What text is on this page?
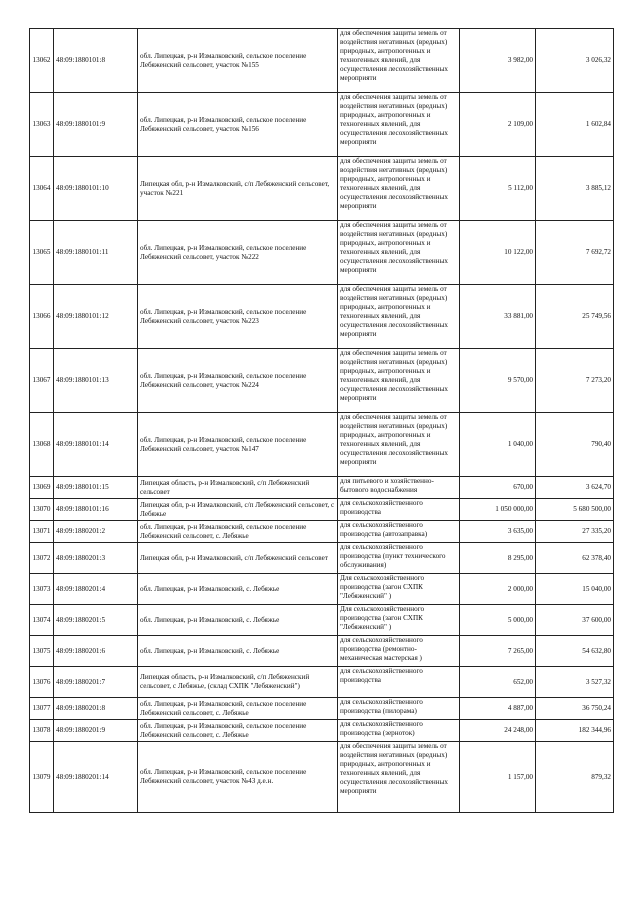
13062	48:09:1880101:8	обл. Липецкая, р-н Измалковский, сельское поселение Лебяженский сельсовет, участок №155	для обеспечения защиты земель от воздействия негативных (вредных) природных, антропогенных и техногенных явлений, для осуществления лесохозяйственных мероприяти	3 982,00	3 026,32
13063	48:09:1880101:9	обл. Липецкая, р-н Измалковский, сельское поселение Лебяженский сельсовет, участок №156	для обеспечения защиты земель от воздействия негативных (вредных) природных, антропогенных и техногенных явлений, для осуществления лесохозяйственных мероприяти	2 109,00	1 602,84
13064	48:09:1880101:10	Липецкая обл, р-н Измалковский, с/п Лебяженский сельсовет, участок №221	для обеспечения защиты земель от воздействия негативных (вредных) природных, антропогенных и техногенных явлений, для осуществления лесохозяйственных мероприяти	5 112,00	3 885,12
13065	48:09:1880101:11	обл. Липецкая, р-н Измалковский, сельское поселение Лебяженский сельсовет, участок №222	для обеспечения защиты земель от воздействия негативных (вредных) природных, антропогенных и техногенных явлений, для осуществления лесохозяйственных мероприяти	10 122,00	7 692,72
13066	48:09:1880101:12	обл. Липецкая, р-н Измалковский, сельское поселение Лебяженский сельсовет, участок №223	для обеспечения защиты земель от воздействия негативных (вредных) природных, антропогенных и техногенных явлений, для осуществления лесохозяйственных мероприяти	33 881,00	25 749,56
13067	48:09:1880101:13	обл. Липецкая, р-н Измалковский, сельское поселение Лебяженский сельсовет, участок №224	для обеспечения защиты земель от воздействия негативных (вредных) природных, антропогенных и техногенных явлений, для осуществления лесохозяйственных мероприяти	9 570,00	7 273,20
13068	48:09:1880101:14	обл. Липецкая, р-н Измалковский, сельское поселение Лебяженский сельсовет, участок №147	для обеспечения защиты земель от воздействия негативных (вредных) природных, антропогенных и техногенных явлений, для осуществления лесохозяйственных мероприяти	1 040,00	790,40
13069	48:09:1880101:15	Липецкая область, р-н Измалковский, с/п Лебяженский сельсовет	для питьевого и хозяйственно-бытового водоснабжения	670,00	3 624,70
13070	48:09:1880101:16	Липецкая обл, р-н Измалковский, с/п Лебяженский сельсовет, с Лебяжье	для сельскохозяйственного производства	1 050 000,00	5 680 500,00
13071	48:09:1880201:2	обл. Липецкая, р-н Измалковский, сельское поселение Лебяженский сельсовет, с. Лебяжье	для сельскохозяйственного производства (автозаправка)	3 635,00	27 335,20
13072	48:09:1880201:3	Липецкая обл, р-н Измалковский, с/п Лебяженский сельсовет	для сельскохозяйственного производства (пункт технического обслуживания)	8 295,00	62 378,40
13073	48:09:1880201:4	обл. Липецкая, р-н Измалковский, с. Лебяжье	Для сельскохозяйственного производства (загон СХПК "Лебяженский" )	2 000,00	15 040,00
13074	48:09:1880201:5	обл. Липецкая, р-н Измалковский, с. Лебяжье	Для сельскохозяйственного производства (загон СХПК "Лебяженский" )	5 000,00	37 600,00
13075	48:09:1880201:6	обл. Липецкая, р-н Измалковский, с. Лебяжье	для сельскохозяйственного производства (ремонтно-механическая мастерская )	7 265,00	54 632,80
13076	48:09:1880201:7	Липецкая область, р-н Измалковский, с/п Лебяженский сельсовет, с Лебяжье, (склад СХПК "Лебяженский")	для сельскохозяйственного производства	652,00	3 527,32
13077	48:09:1880201:8	обл. Липецкая, р-н Измалковский, сельское поселение Лебяженский сельсовет, с. Лебяжье	для сельскохозяйственного производства (пилорама)	4 887,00	36 750,24
13078	48:09:1880201:9	обл. Липецкая, р-н Измалковский, сельское поселение Лебяженский сельсовет, с. Лебяжье	для сельскохозяйственного производства (зерноток)	24 248,00	182 344,96
13079	48:09:1880201:14	обл. Липецкая, р-н Измалковский, сельское поселение Лебяженский сельсовет, участок №43 д.е.н.	для обеспечения защиты земель от воздействия негативных (вредных) природных, антропогенных и техногенных явлений, для осуществления лесохозяйственных мероприяти	1 157,00	879,32
